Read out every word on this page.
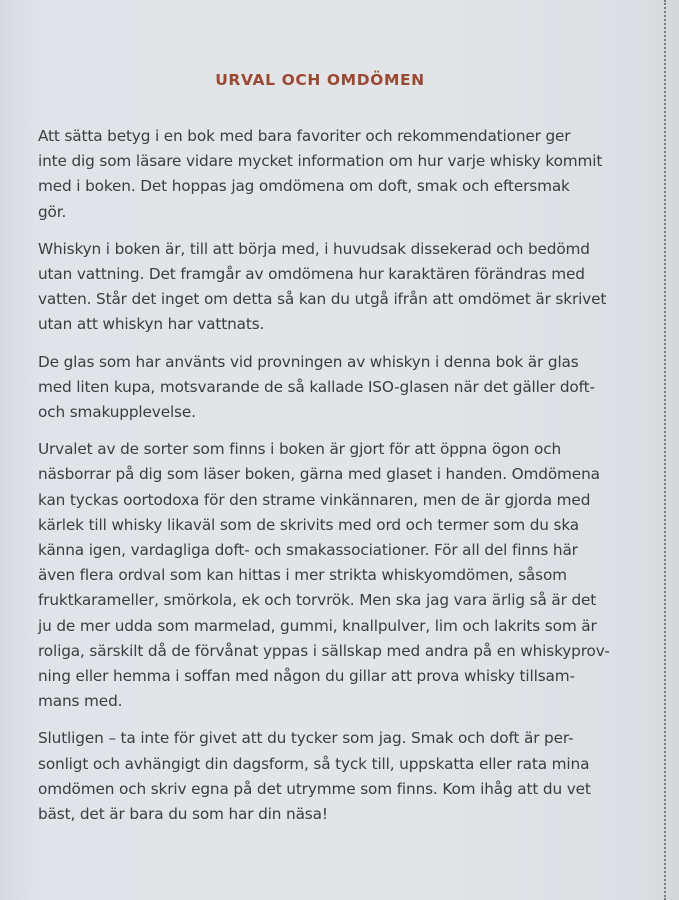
URVAL OCH OMDÖMEN

Att sätta betyg i en bok med bara favoriter och rekommendationer ger
inte dig som läsare vidare mycket information om hur varje whisky kommit
med i boken. Det hoppas jag omdömena om doft, smak och eftersmak
gör.

Whiskyn i boken är, till att börja med, i huvudsak dissekerad och bedömd
utan vattning. Det framgår av omdömena hur karaktären förändras med
vatten. Står det inget om detta så kan du utgå ifrån att omdömet är skrivet
utan att whiskyn har vattnats.

De glas som har använts vid provningen av whiskyn i denna bok är glas
med liten kupa, motsvarande de så kallade ISO-glasen när det gäller doft-
och smakupplevelse.

Urvalet av de sorter som finns i boken är gjort för att öppna ögon och
näsborrar på dig som läser boken, gärna med glaset i handen. Omdömena
kan tyckas oortodoxa för den strame vinkännaren, men de är gjorda med
kärlek till whisky likaväl som de skrivits med ord och termer som du ska
känna igen, vardagliga doft- och smakassociationer. För all del finns här
även flera ordval som kan hittas i mer strikta whiskyomdömen, såsom
fruktkarameller, smörkola, ek och torvrök. Men ska jag vara ärlig så är det
ju de mer udda som marmelad, gummi, knallpulver, lim och lakrits som är
roliga, särskilt då de förvånat yppas i sällskap med andra på en whiskyprov-
ning eller hemma i soffan med någon du gillar att prova whisky tillsam-
mans med.

Slutligen – ta inte för givet att du tycker som jag. Smak och doft är per-
sonligt och avhängigt din dagsform, så tyck till, uppskatta eller rata mina
omdömen och skriv egna på det utrymme som finns. Kom ihåg att du vet
bäst, det är bara du som har din näsa!
